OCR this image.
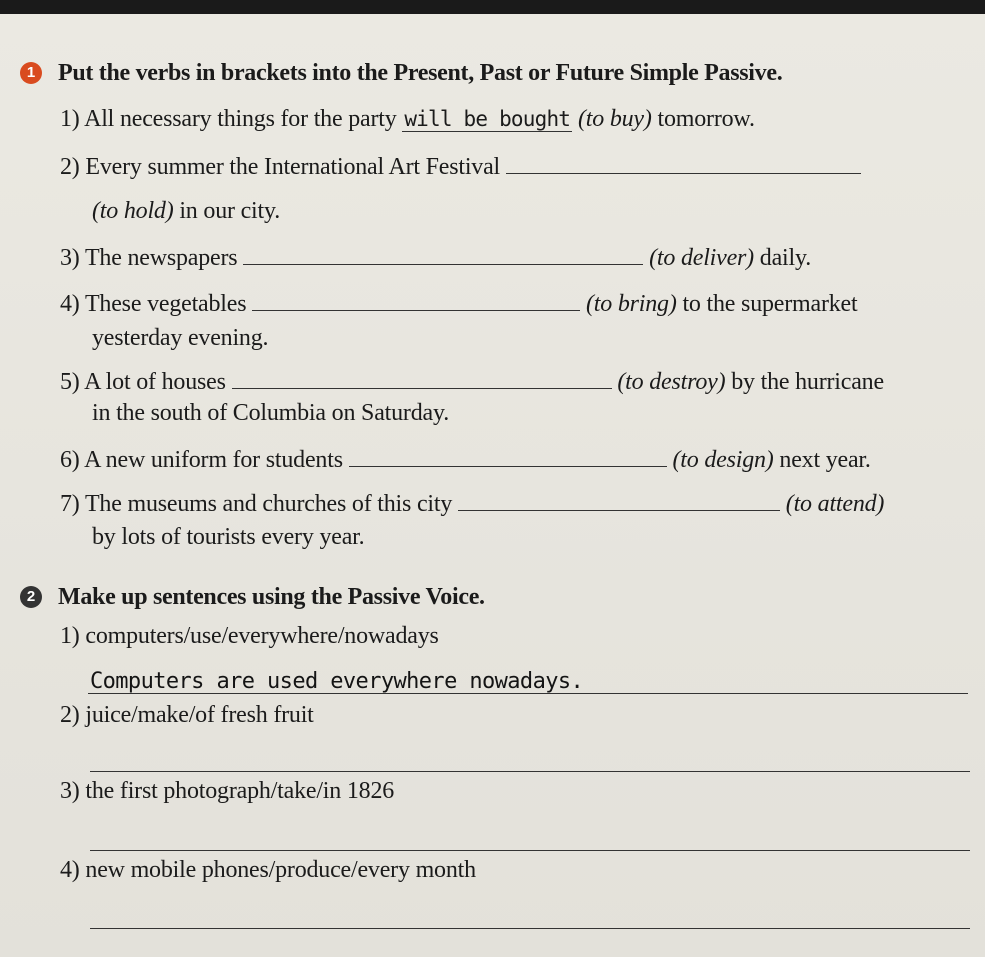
1 Put the verbs in brackets into the Present, Past or Future Simple Passive.
1) All necessary things for the party will be bought (to buy) tomorrow.
2) Every summer the International Art Festival
(to hold) in our city.
3) The newspapers	(to deliver) daily.
4) These vegetables	(to bring) to the supermarket
yesterday evening.
5) A lot of houses	(to destroy) by the hurricane
in the south of Columbia on Saturday.
6) A new uniform for students	(to design) next year.
7) The museums and churches of this city	(to attend)
by lots of tourists every year.
2 Make up sentences using the Passive Voice.
1) computers/use/everywhere/nowadays
Computers are used everywhere nowadays.
2) juice/make/of fresh fruit
3) the first photograph/take/in 1826
4) new mobile phones/produce/every month
